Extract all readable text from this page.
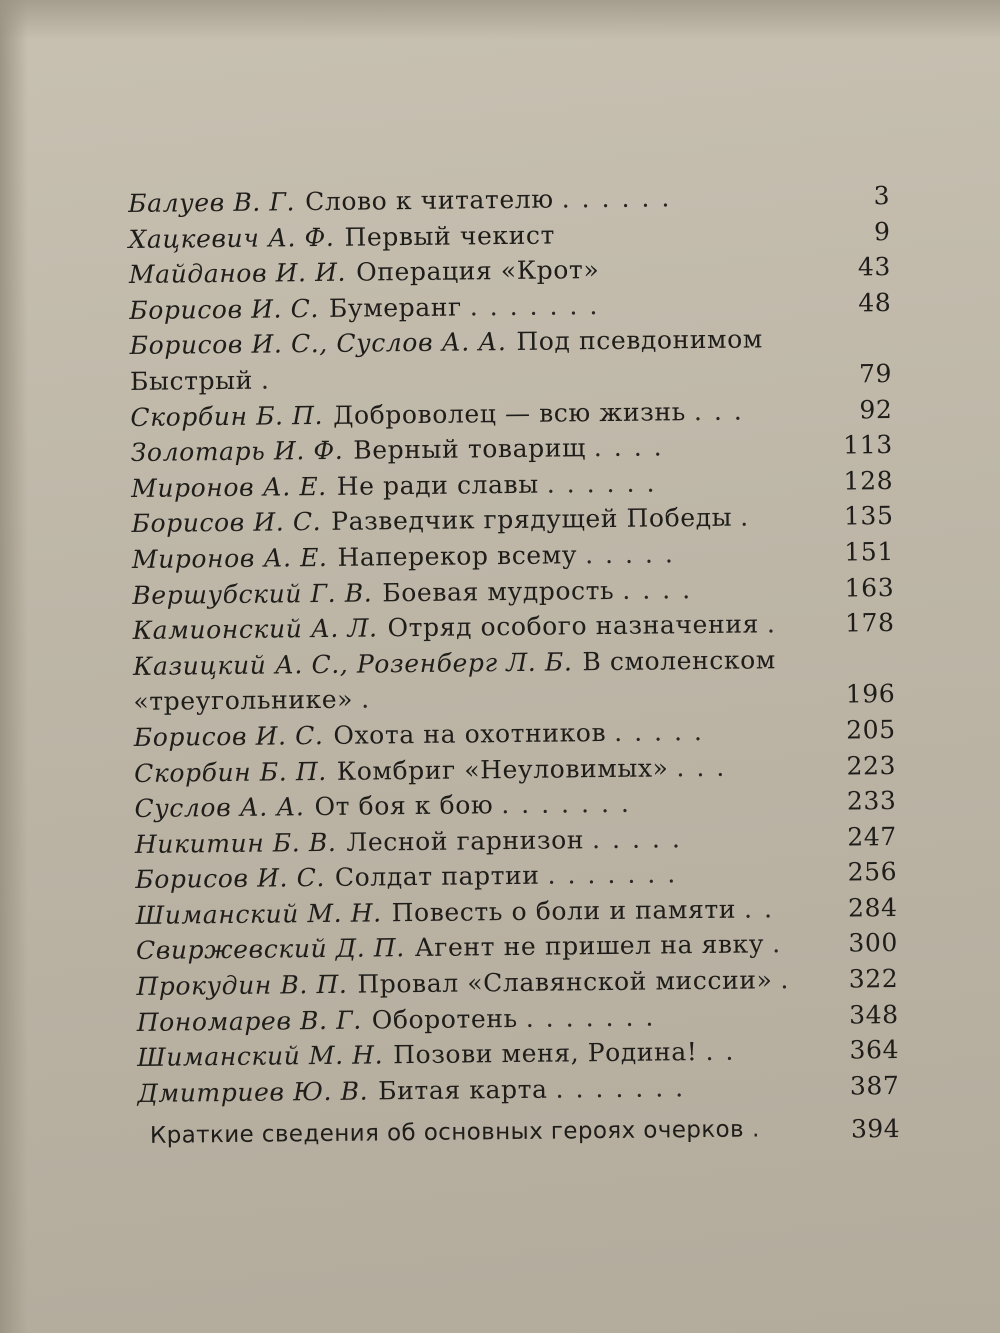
Балуев В. Г. Слово к читателю ......	3
Хацкевич А. Ф. Первый чекист	9
Майданов И. И. Операция «Крот»	43
Борисов И. С. Бумеранг .......	48
Борисов И. С., Суслов А. А. Под псевдонимом Быстрый .	79
Скорбин Б. П. Доброволец — всю жизнь ...	92
Золотарь И. Ф. Верный товарищ ....	113
Миронов А. Е. Не ради славы ......	128
Борисов И. С. Разведчик грядущей Победы .	135
Миронов А. Е. Наперекор всему .....	151
Вершубский Г. В. Боевая мудрость ....	163
Камионский А. Л. Отряд особого назначения . 178
Казицкий А. С., Розенберг Л. Б. В смоленском «треугольнике» .	196
Борисов И. С. Охота на охотников .....	205
Скорбин Б. П. Комбриг «Неуловимых» ...	223
Суслов А. А. От боя к бою .......	233
Никитин Б. В. Лесной гарнизон .....	247
Борисов И. С. Солдат партии .......	256
Шиманский М. Н. Повесть о боли и памяти ..	284
Свиржевский Д. П. Агент не пришел на явку . 300
Прокудин В. П. Провал «Славянской миссии» . 322
Пономарев В. Г. Оборотень .......	348
Шиманский М. Н. Позови меня, Родина! ..	364
Дмитриев Ю. В. Битая карта .......	387
Краткие сведения об основных героях очерков .	394
